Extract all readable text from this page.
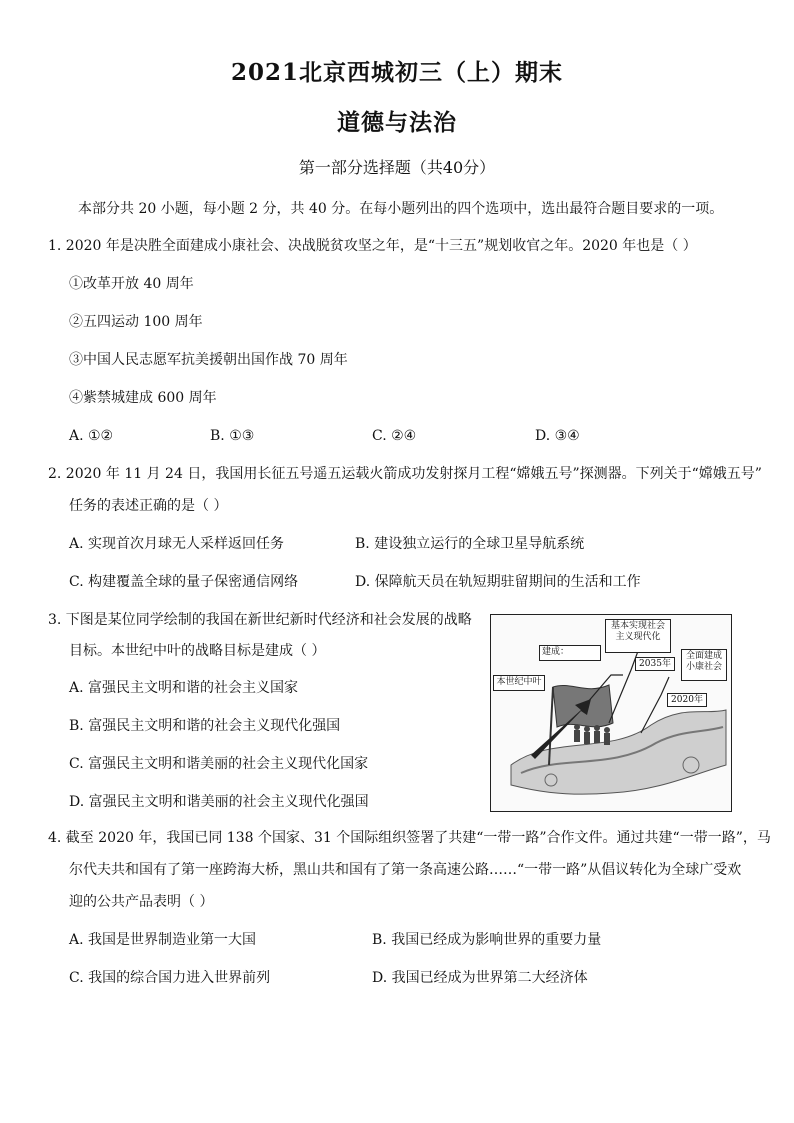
2021北京西城初三（上）期末
道德与法治
第一部分选择题（共40分）
本部分共 20 小题，每小题 2 分，共 40 分。在每小题列出的四个选项中，选出最符合题目要求的一项。
1. 2020 年是决胜全面建成小康社会、决战脱贫攻坚之年，是“十三五”规划收官之年。2020 年也是（ ）
①改革开放 40 周年
②五四运动 100 周年
③中国人民志愿军抗美援朝出国作战 70 周年
④紫禁城建成 600 周年
A. ①②	B. ①③	C. ②④	D. ③④
2. 2020 年 11 月 24 日，我国用长征五号遥五运载火箭成功发射探月工程“嫦娥五号”探测器。下列关于“嫦娥五号”
任务的表述正确的是（ ）
A. 实现首次月球无人采样返回任务	B. 建设独立运行的全球卫星导航系统
C. 构建覆盖全球的量子保密通信网络	D. 保障航天员在轨短期驻留期间的生活和工作
3. 下图是某位同学绘制的我国在新世纪新时代经济和社会发展的战略
目标。本世纪中叶的战略目标是建成（ ）
A. 富强民主文明和谐的社会主义国家
B. 富强民主文明和谐的社会主义现代化强国
C. 富强民主文明和谐美丽的社会主义现代化国家
D. 富强民主文明和谐美丽的社会主义现代化强国
基本实现社会主义现代化
2035年
建成：	全面建成小康社会
本世纪中叶
2020年
4. 截至 2020 年，我国已同 138 个国家、31 个国际组织签署了共建“一带一路”合作文件。通过共建“一带一路”，马
尔代夫共和国有了第一座跨海大桥，黑山共和国有了第一条高速公路……“一带一路”从倡议转化为全球广受欢
迎的公共产品表明（ ）
A. 我国是世界制造业第一大国	B. 我国已经成为影响世界的重要力量
C. 我国的综合国力进入世界前列	D. 我国已经成为世界第二大经济体
